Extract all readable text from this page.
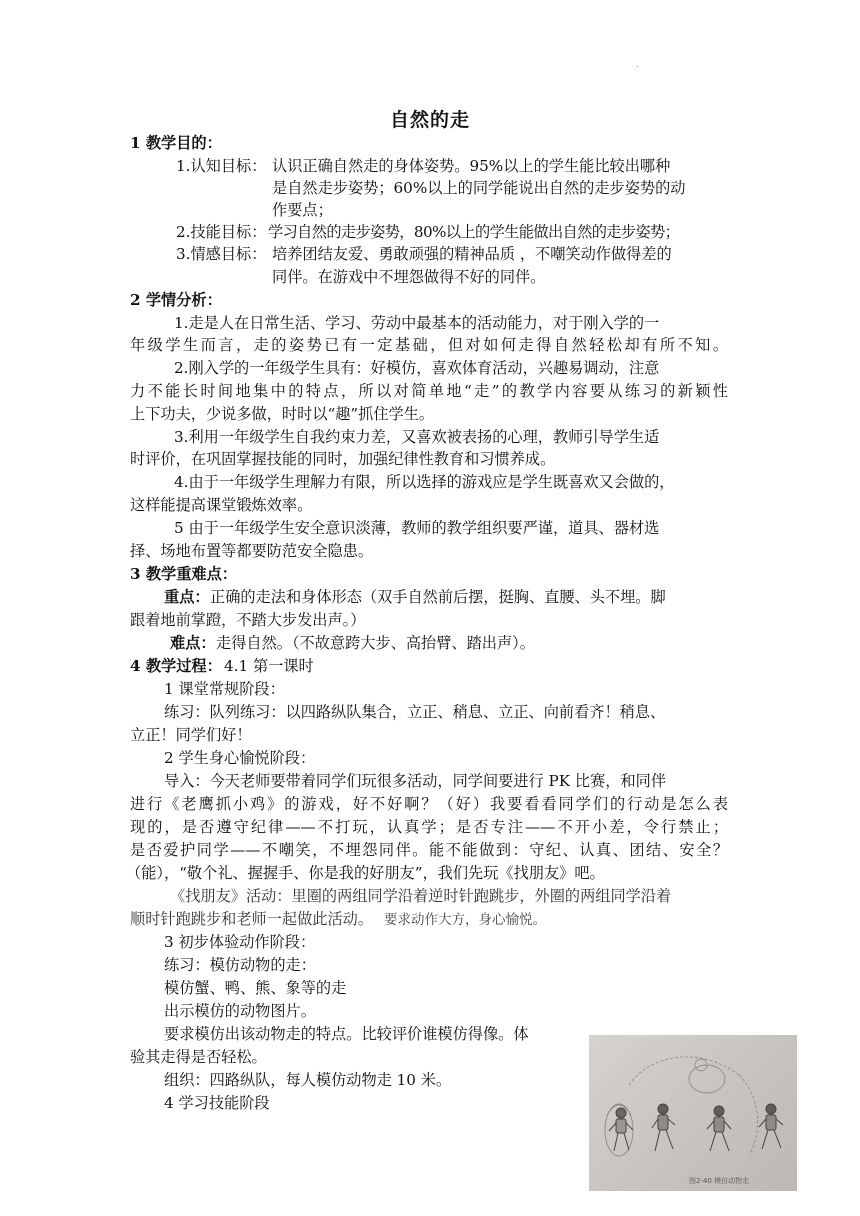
.
自然的走
1 教学目的：
1.认知目标： 认识正确自然走的身体姿势。95%以上的学生能比较出哪种
是自然走步姿势；60%以上的同学能说出自然的走步姿势的动
作要点；
2.技能目标： 学习自然的走步姿势，80%以上的学生能做出自然的走步姿势；
3.情感目标： 培养团结友爱、勇敢顽强的精神品质 ，不嘲笑动作做得差的
同伴。在游戏中不埋怨做得不好的同伴。
2 学情分析：
1.走是人在日常生活、学习、劳动中最基本的活动能力，对于刚入学的一
年级学生而言，走的姿势已有一定基础，但对如何走得自然轻松却有所不知。
2.刚入学的一年级学生具有：好模仿，喜欢体育活动，兴趣易调动，注意
力不能长时间地集中的特点，所以对简单地“走”的教学内容要从练习的新颖性
上下功夫，少说多做，时时以“趣”抓住学生。
3.利用一年级学生自我约束力差，又喜欢被表扬的心理，教师引导学生适
时评价，在巩固掌握技能的同时，加强纪律性教育和习惯养成。
4.由于一年级学生理解力有限，所以选择的游戏应是学生既喜欢又会做的，
这样能提高课堂锻炼效率。
5 由于一年级学生安全意识淡薄，教师的教学组织要严谨，道具、器材选
择、场地布置等都要防范安全隐患。
3 教学重难点：
重点： 正确的走法和身体形态（双手自然前后摆，挺胸、直腰、头不埋。脚
跟着地前掌蹬，不踏大步发出声。）
难点： 走得自然。（不故意跨大步、高抬臂、踏出声）。
4 教学过程： 4.1 第一课时
1 课堂常规阶段：
练习：队列练习：以四路纵队集合，立正、稍息、立正、向前看齐！稍息、
立正！同学们好！
2 学生身心愉悦阶段：
导入：今天老师要带着同学们玩很多活动，同学间要进行 PK 比赛，和同伴
进行《老鹰抓小鸡》的游戏，好不好啊？（好）我要看看同学们的行动是怎么表
现的，是否遵守纪律——不打玩，认真学；是否专注——不开小差，令行禁止；
是否爱护同学——不嘲笑，不埋怨同伴。能不能做到：守纪、认真、团结、安全？
（能），“敬个礼、握握手、你是我的好朋友”，我们先玩《找朋友》吧。
《找朋友》活动：里圈的两组同学沿着逆时针跑跳步，外圈的两组同学沿着
顺时针跑跳步和老师一起做此活动。 要求动作大方，身心愉悦。
3 初步体验动作阶段：
练习：模仿动物的走：
模仿蟹、鸭、熊、象等的走
出示模仿的动物图片。
要求模仿出该动物走的特点。比较评价谁模仿得像。体
验其走得是否轻松。
组织：四路纵队，每人模仿动物走 10 米。
4 学习技能阶段
图2-40 模仿动物走
